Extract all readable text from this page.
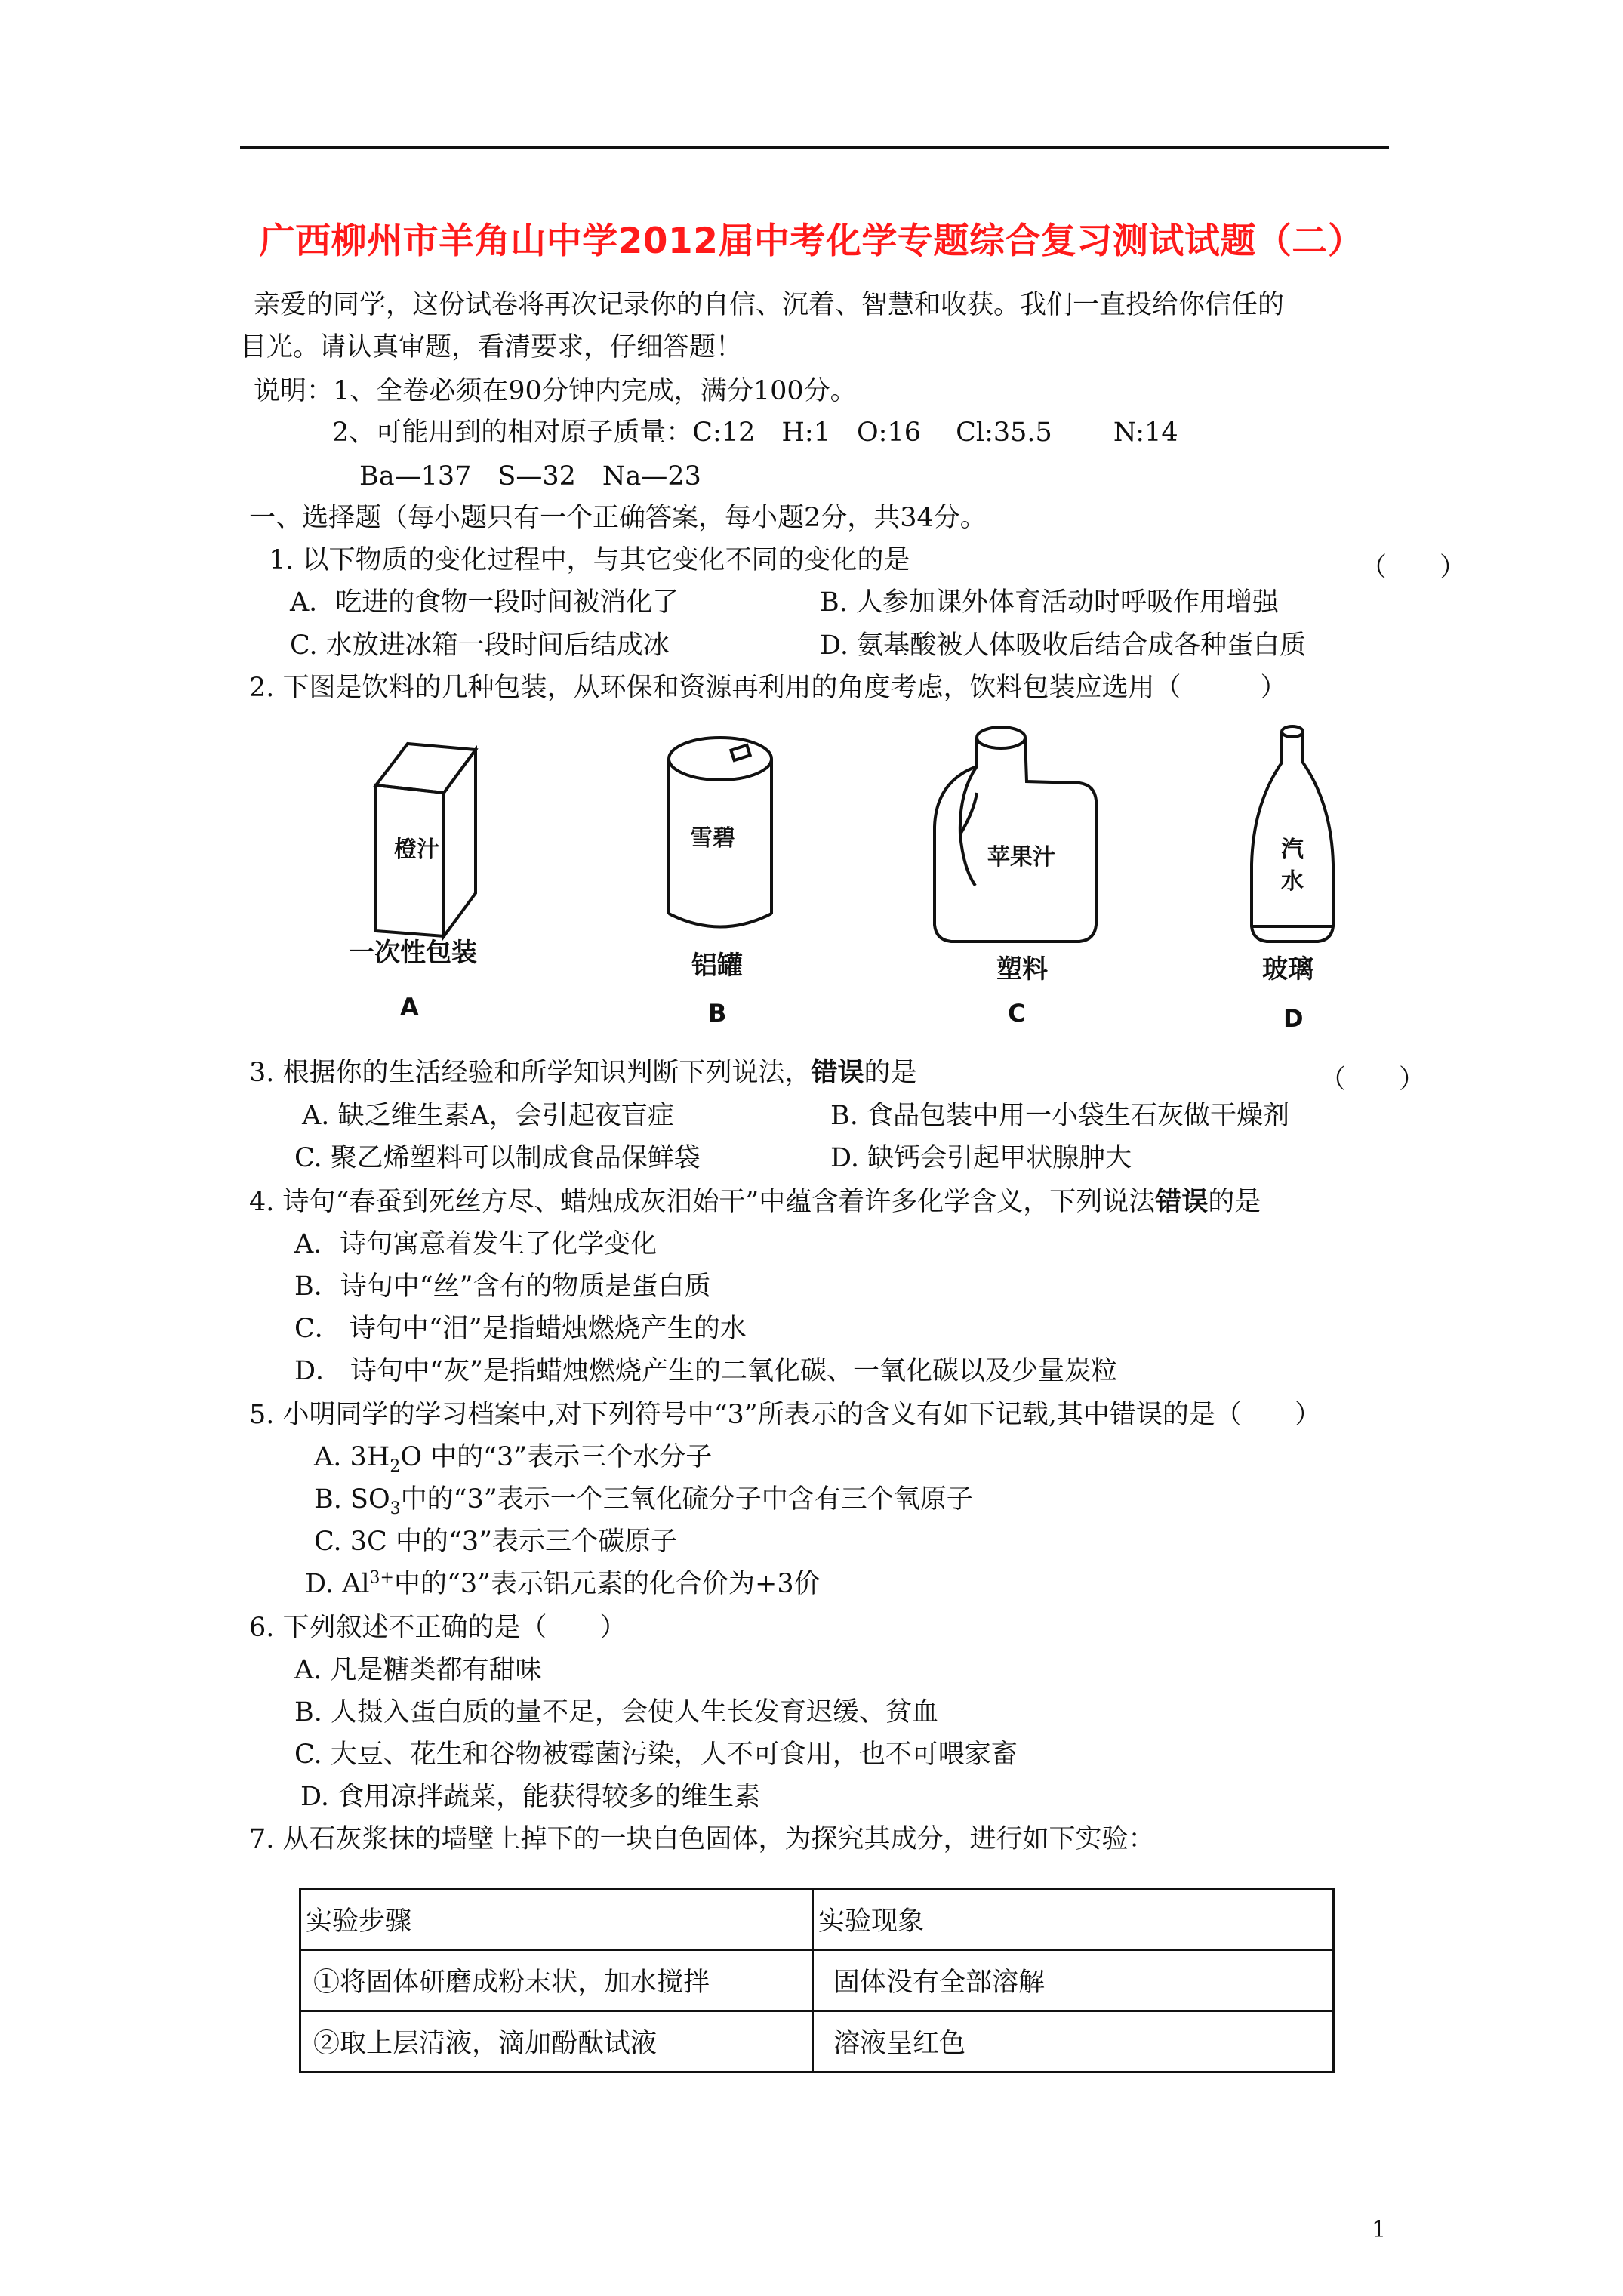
广西柳州市羊角山中学2012届中考化学专题综合复习测试试题（二）
亲爱的同学，这份试卷将再次记录你的自信、沉着、智慧和收获。我们一直投给你信任的
目光。请认真审题，看清要求，仔细答题！
说明：1、全卷必须在90分钟内完成，满分100分。
2、可能用到的相对原子质量：C:12　H:1　O:16　 Cl:35.5　　 N:14
Ba—137　S—32　Na—23
一、选择题（每小题只有一个正确答案，每小题2分，共34分。
1. 以下物质的变化过程中，与其它变化不同的变化的是	（　　）
A．吃进的食物一段时间被消化了	B. 人参加课外体育活动时呼吸作用增强
C. 水放进冰箱一段时间后结成冰	D. 氨基酸被人体吸收后结合成各种蛋白质
2. 下图是饮料的几种包装，从环保和资源再利用的角度考虑，饮料包装应选用（　　　）
橙汁
一次性包装
A
雪碧
铝罐
B
苹果汁
塑料
C
汽
水
玻璃
D
3. 根据你的生活经验和所学知识判断下列说法，错误的是	（　　）
A. 缺乏维生素A，会引起夜盲症	B. 食品包装中用一小袋生石灰做干燥剂
C. 聚乙烯塑料可以制成食品保鲜袋	D. 缺钙会引起甲状腺肿大
4. 诗句“春蚕到死丝方尽、蜡烛成灰泪始干”中蕴含着许多化学含义，下列说法错误的是
A．诗句寓意着发生了化学变化
B．诗句中“丝”含有的物质是蛋白质
C． 诗句中“泪”是指蜡烛燃烧产生的水
D． 诗句中“灰”是指蜡烛燃烧产生的二氧化碳、一氧化碳以及少量炭粒
5. 小明同学的学习档案中,对下列符号中“3”所表示的含义有如下记载,其中错误的是（　　）
A. $3H_2O$ 中的“3”表示三个水分子
B. $SO_3$中的“3”表示一个三氧化硫分子中含有三个氧原子
C. 3C 中的“3”表示三个碳原子
D. $Al^{3+}$中的“3”表示铝元素的化合价为+3价
6. 下列叙述不正确的是（　　）
A. 凡是糖类都有甜味
B. 人摄入蛋白质的量不足，会使人生长发育迟缓、贫血
C. 大豆、花生和谷物被霉菌污染，人不可食用，也不可喂家畜
D. 食用凉拌蔬菜，能获得较多的维生素
7. 从石灰浆抹的墙壁上掉下的一块白色固体，为探究其成分，进行如下实验：
实验步骤	实验现象
①将固体研磨成粉末状，加水搅拌	固体没有全部溶解
②取上层清液，滴加酚酞试液	溶液呈红色
1
